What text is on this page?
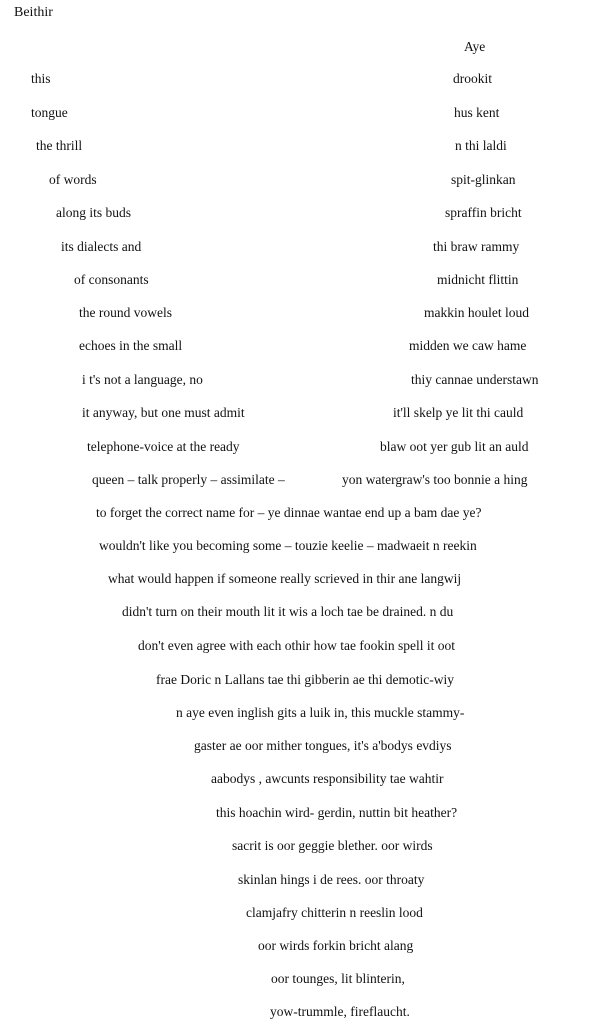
Beithir
this
tongue
the thrill
of words
along its buds
its dialects and
of consonants
the round vowels
echoes in the small
i t's not a language, no
it anyway, but one must admit
telephone-voice at the ready
queen – talk properly – assimilate –
Aye
drookit
hus kent
n thi laldi
spit-glinkan
spraffin bricht
thi braw rammy
midnicht flittin
makkin houlet loud
midden we caw hame
thiy cannae understawn
it'll skelp ye lit thi cauld
blaw oot yer gub lit an auld
yon watergraw's too bonnie a hing
to forget the correct name for – ye dinnae wantae end up a bam dae ye?
wouldn't like you becoming some – touzie keelie – madwaeit n reekin
what would happen if someone really scrieved in thir ane langwij
didn't turn on their mouth lit it wis a loch tae be drained. n du
don't even agree with each othir how tae fookin spell it oot
frae Doric n Lallans tae thi gibberin ae thi demotic-wiy
n aye even inglish gits a luik in, this muckle stammy-
gaster ae oor mither tongues, it's a'bodys evdiys
aabodys , awcunts responsibility tae wahtir
this hoachin wird- gerdin, nuttin bit heather?
sacrit is oor geggie blether. oor wirds
skinlan hings i de rees. oor throaty
clamjafry chitterin n reeslin lood
oor wirds forkin bricht alang
oor tounges, lit blinterin,
yow-trummle, fireflaucht.
